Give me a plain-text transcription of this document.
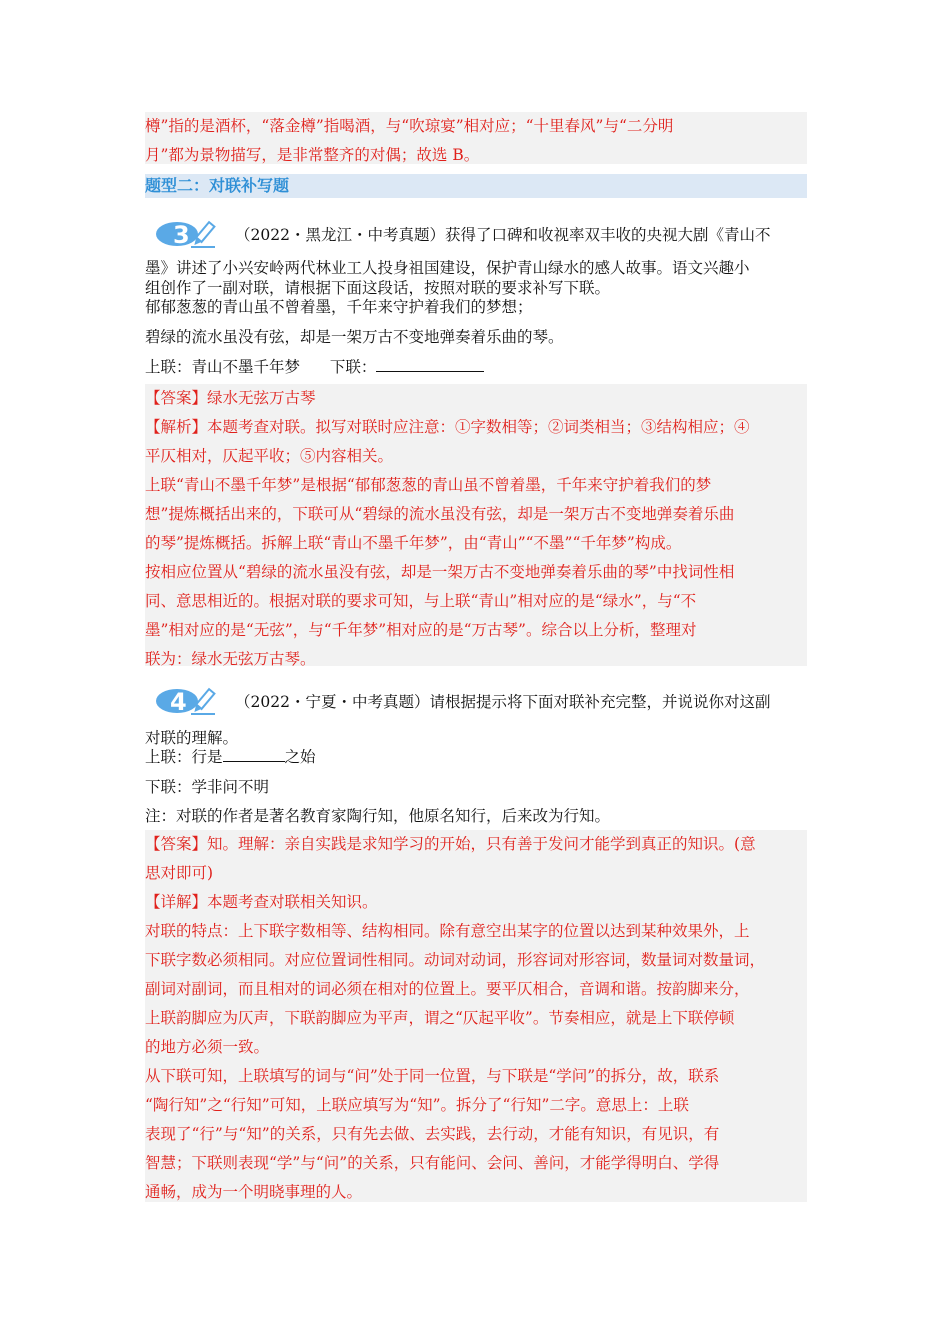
樽”指的是酒杯，“落金樽”指喝酒，与“吹琼宴”相对应；“十里春风”与“二分明

月”都为景物描写，是非常整齐的对偶；故选 B。

题型二：对联补写题
3	（2022・黑龙江・中考真题）获得了口碑和收视率双丰收的央视大剧《青山不

墨》讲述了小兴安岭两代林业工人投身祖国建设，保护青山绿水的感人故事。语文兴趣小

组创作了一副对联，请根据下面这段话，按照对联的要求补写下联。

郁郁葱葱的青山虽不曾着墨，千年来守护着我们的梦想；
碧绿的流水虽没有弦，却是一架万古不变地弹奏着乐曲的琴。
上联：青山不墨千年梦 下联：

【答案】绿水无弦万古琴

【解析】本题考查对联。拟写对联时应注意：①字数相等；②词类相当；③结构相应；④

平仄相对，仄起平收；⑤内容相关。

上联“青山不墨千年梦”是根据“郁郁葱葱的青山虽不曾着墨，千年来守护着我们的梦

想”提炼概括出来的，下联可从“碧绿的流水虽没有弦，却是一架万古不变地弹奏着乐曲

的琴”提炼概括。拆解上联“青山不墨千年梦”，由“青山”“不墨”“千年梦”构成。

按相应位置从“碧绿的流水虽没有弦，却是一架万古不变地弹奏着乐曲的琴”中找词性相

同、意思相近的。根据对联的要求可知，与上联“青山”相对应的是“绿水”，与“不

墨”相对应的是“无弦”，与“千年梦”相对应的是“万古琴”。综合以上分析，整理对

联为：绿水无弦万古琴。

4	（2022・宁夏・中考真题）请根据提示将下面对联补充完整，并说说你对这副

对联的理解。
上联：行是	之始
下联：学非问不明
注：对联的作者是著名教育家陶行知，他原名知行，后来改为行知。

【答案】知。理解：亲自实践是求知学习的开始，只有善于发问才能学到真正的知识。(意

思对即可)

【详解】本题考查对联相关知识。

对联的特点：上下联字数相等、结构相同。除有意空出某字的位置以达到某种效果外，上

下联字数必须相同。对应位置词性相同。动词对动词，形容词对形容词，数量词对数量词，

副词对副词，而且相对的词必须在相对的位置上。要平仄相合，音调和谐。按韵脚来分，

上联韵脚应为仄声，下联韵脚应为平声，谓之“仄起平收”。节奏相应，就是上下联停顿

的地方必须一致。

从下联可知，上联填写的词与“问”处于同一位置，与下联是“学问”的拆分，故，联系

“陶行知”之“行知”可知，上联应填写为“知”。拆分了“行知”二字。意思上：上联

表现了“行”与“知”的关系，只有先去做、去实践，去行动，才能有知识，有见识，有

智慧；下联则表现“学”与“问”的关系，只有能问、会问、善问，才能学得明白、学得

通畅，成为一个明晓事理的人。
